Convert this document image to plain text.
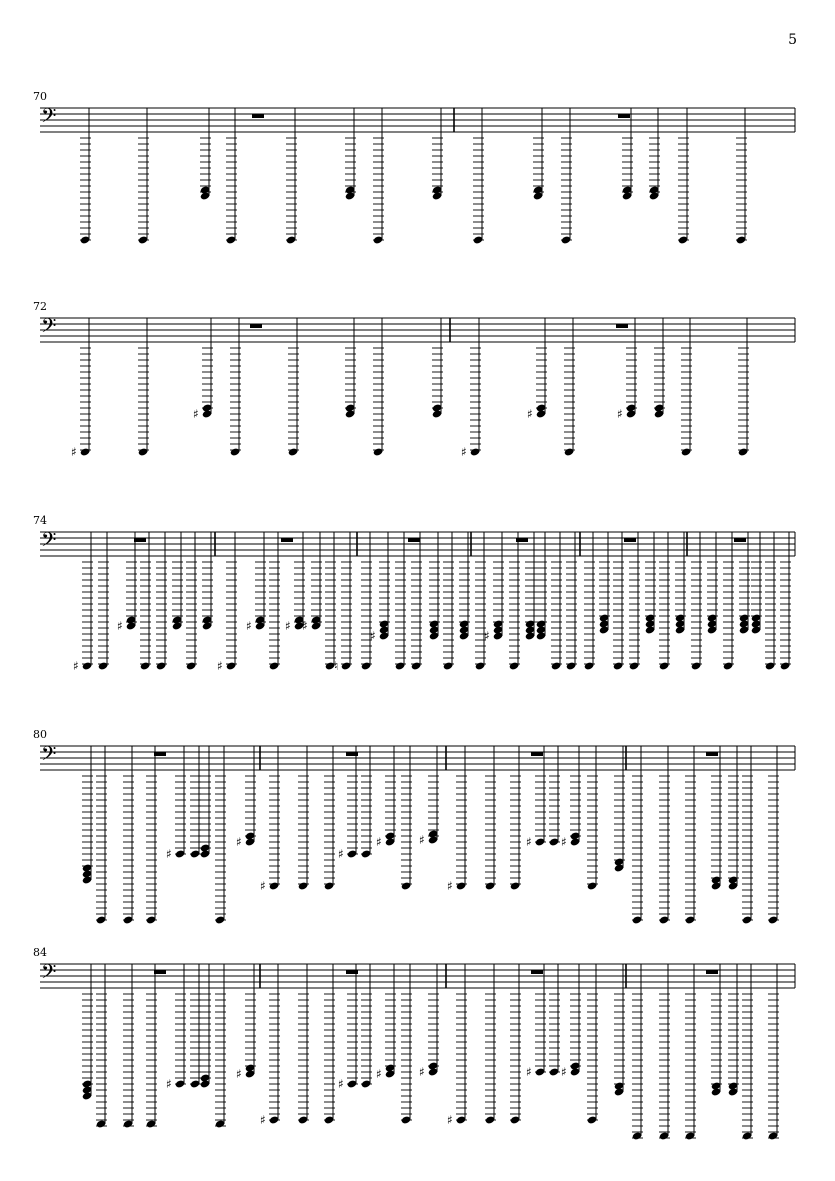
5
70
𝄢
72
𝄢
♯
♯
♯
♯	♯
74
𝄢
♯
♯
♯
♯	♯ ♯
♮
♯	♯
80
𝄢
♯
♯
♯
♯
♯	♯
♯
♯ ♯
84
𝄢
♯
♯
♯
♯
♯	♯
♯
♯ ♯
